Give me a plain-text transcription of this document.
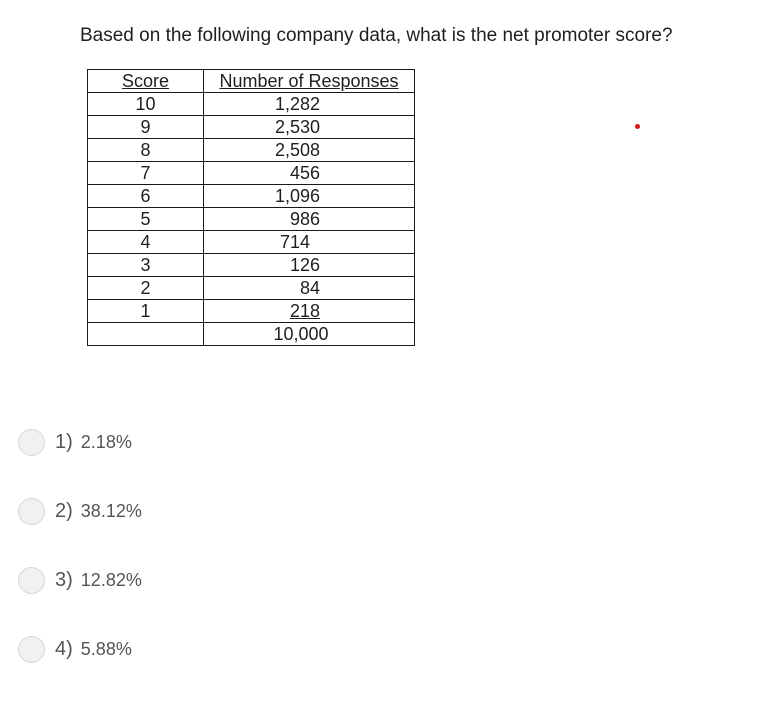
Based on the following company data, what is the net promoter score?
Score	Number of Responses
10	1,282
9	2,530
8	2,508
7	456
6	1,096
5	986
4	714
3	126
2	84
1	218
	10,000
1) 2.18%
2) 38.12%
3) 12.82%
4) 5.88%
